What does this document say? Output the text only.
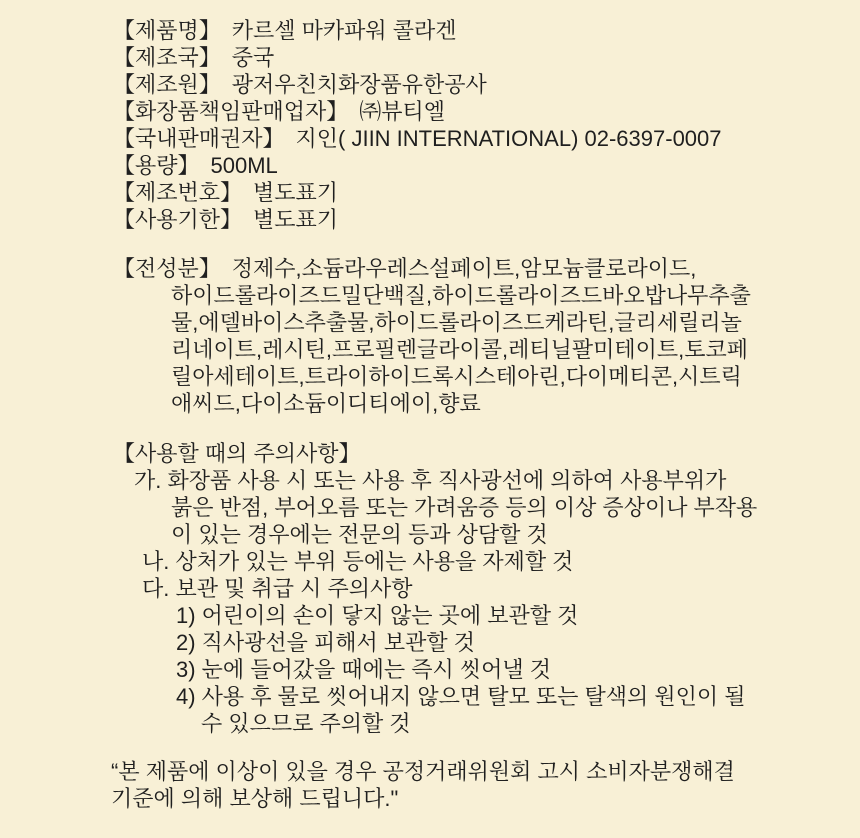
【제품명】 카르셀 마카파워 콜라겐
【제조국】 중국
【제조원】 광저우친치화장품유한공사
【화장품책임판매업자】 ㈜뷰티엘
【국내판매권자】 지인( JIIN INTERNATIONAL) 02-6397-0007
【용량】 500ML
【제조번호】 별도표기
【사용기한】 별도표기
【전성분】 정제수,소듐라우레스설페이트,암모늄클로라이드,
하이드롤라이즈드밀단백질,하이드롤라이즈드바오밥나무추출
물,에델바이스추출물,하이드롤라이즈드케라틴,글리세릴리놀
리네이트,레시틴,프로필렌글라이콜,레티닐팔미테이트,토코페
릴아세테이트,트라이하이드록시스테아린,다이메티콘,시트릭
애씨드,다이소듐이디티에이,향료
【사용할 때의 주의사항】
가. 화장품 사용 시 또는 사용 후 직사광선에 의하여 사용부위가
붉은 반점, 부어오름 또는 가려움증 등의 이상 증상이나 부작용
이 있는 경우에는 전문의 등과 상담할 것
나. 상처가 있는 부위 등에는 사용을 자제할 것
다. 보관 및 취급 시 주의사항
1) 어린이의 손이 닿지 않는 곳에 보관할 것
2) 직사광선을 피해서 보관할 것
3) 눈에 들어갔을 때에는 즉시 씻어낼 것
4) 사용 후 물로 씻어내지 않으면 탈모 또는 탈색의 원인이 될
수 있으므로 주의할 것
“본 제품에 이상이 있을 경우 공정거래위원회 고시 소비자분쟁해결
기준에 의해 보상해 드립니다."
